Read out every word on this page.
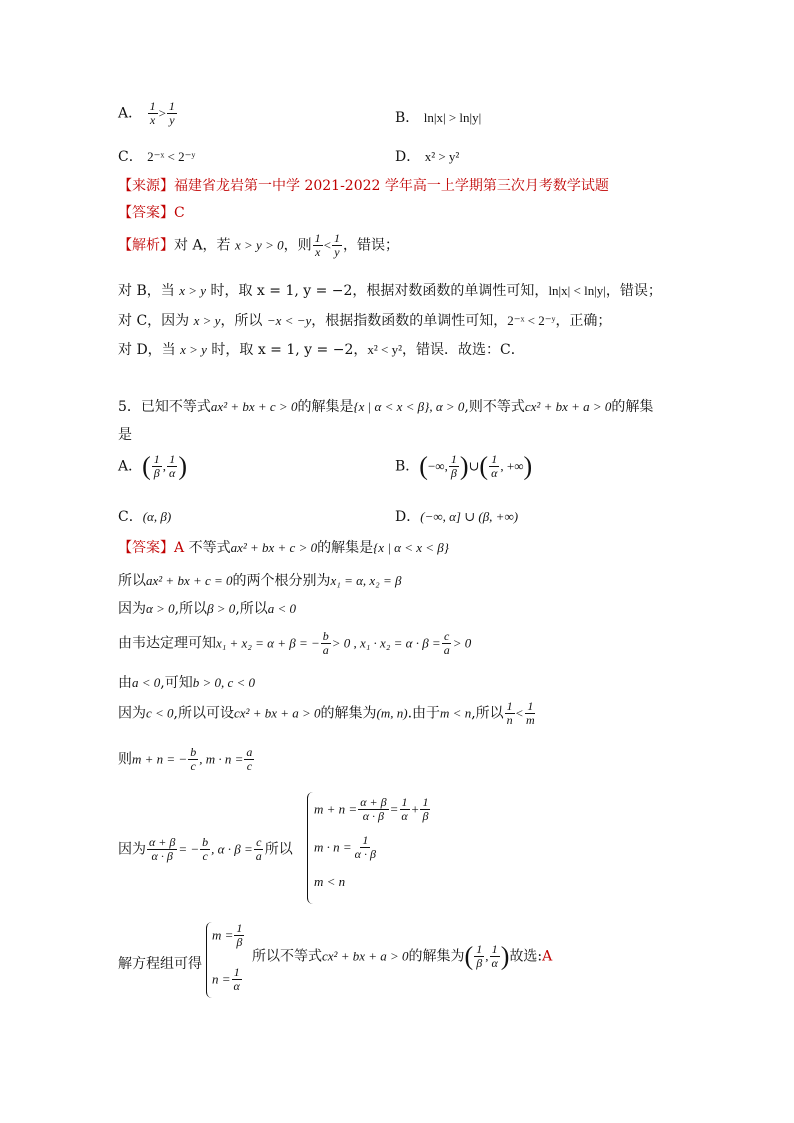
A． $\frac{1}{x} > \frac{1}{y}$	B． ln|x| > ln|y|
C． 2⁻ˣ < 2⁻ʸ	D． x² > y²
【来源】福建省龙岩第一中学 2021-2022 学年高一上学期第三次月考数学试题
【答案】C
【解析】对 A，若 x > y > 0，则 $\frac{1}{x} < \frac{1}{y}$ ，错误；
对 B，当 x > y 时，取 x = 1, y = −2，根据对数函数的单调性可知，ln|x| < ln|y|，错误；
对 C，因为 x > y，所以 −x < −y，根据指数函数的单调性可知，2⁻ˣ < 2⁻ʸ，正确；
对 D，当 x > y 时，取 x = 1, y = −2，x² < y²，错误．故选：C．
5．已知不等式ax² + bx + c > 0的解集是{x | α < x < β}, α > 0,则不等式cx² + bx + a > 0的解集
是
A．( $\frac{1}{\beta}$ , $\frac{1}{\alpha}$ )	B．(−∞, $\frac{1}{\beta}$ )∪( $\frac{1}{\alpha}$ , +∞)
C．(α, β)	D．(−∞, α] ∪ (β, +∞)
【答案】A 不等式ax² + bx + c > 0的解集是{x | α < x < β}
所以ax² + bx + c = 0的两个根分别为x₁ = α, x₂ = β
因为α > 0,所以β > 0,所以a < 0
由韦达定理可知x₁ + x₂ = α + β = − $\frac{b}{a} > 0$ , $x_1 \cdot x_2 = \alpha \cdot \beta = \frac{c}{a} > 0$
由a < 0,可知b > 0, c < 0
因为c < 0,所以可设cx² + bx + a > 0的解集为(m, n).由于m < n,所以 $\frac{1}{n} < \frac{1}{m}$
则m + n = − $\frac{b}{c}$ , $m \cdot n = \frac{a}{c}$
因为 $\frac{\alpha + \beta}{\alpha \cdot \beta}$ = − $\frac{b}{c}$ , $\alpha \cdot \beta = \frac{c}{a}$ 所以
$m + n = \frac{\alpha + \beta}{\alpha \cdot \beta} = \frac{1}{\alpha} + \frac{1}{\beta}$
$m \cdot n = \frac{1}{\alpha \cdot \beta}$
m < n
$m = \frac{1}{\beta}$
$n = \frac{1}{\alpha}$
解方程组可得	所以不等式cx² + bx + a > 0的解集为( $\frac{1}{\beta}$ , $\frac{1}{\alpha}$ )故选:A
